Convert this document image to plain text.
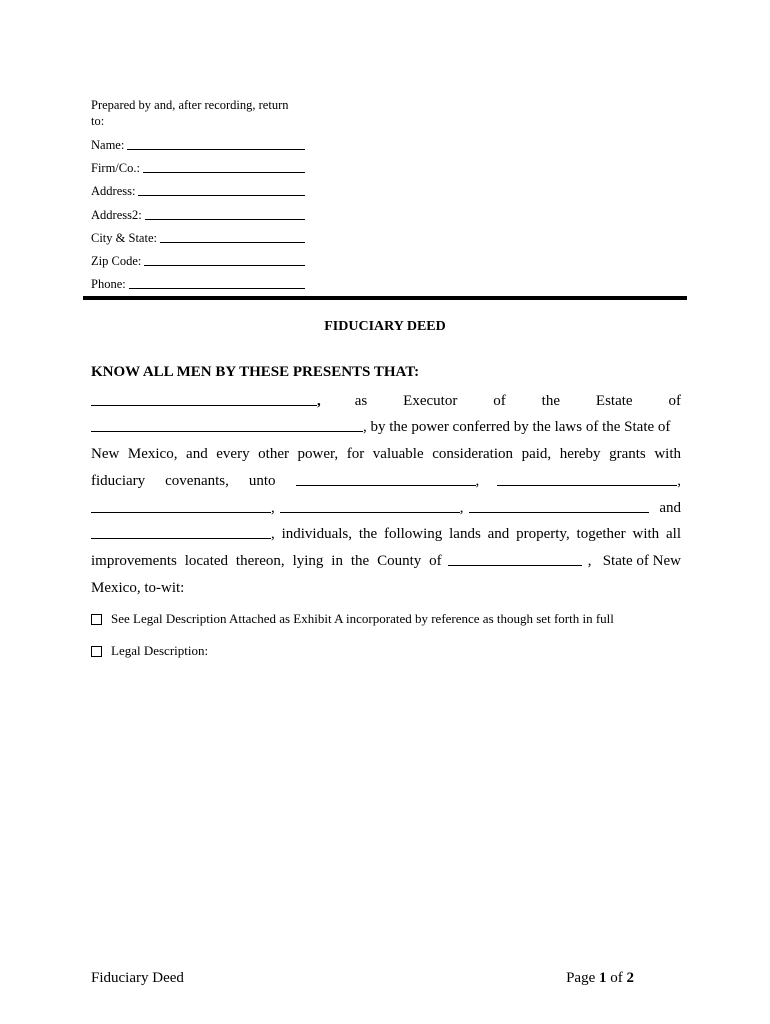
Prepared by and, after recording, return
to:
Name:
Firm/Co.:
Address:
Address2:
City & State:
Zip Code:
Phone:
FIDUCIARY DEED
KNOW ALL MEN BY THESE PRESENTS THAT:
, as Executor of the Estate of
, by the power conferred by the laws of the State of
New Mexico, and every other power, for valuable consideration paid, hereby grants with
fiduciary covenants, unto	,	,
,	,	and
, individuals, the following lands and property, together with all
improvements located thereon, lying in the County of	,   State of New
Mexico, to-wit:
See Legal Description Attached as Exhibit A incorporated by reference as though set forth in full
Legal Description:
Fiduciary Deed	Page 1 of 2
